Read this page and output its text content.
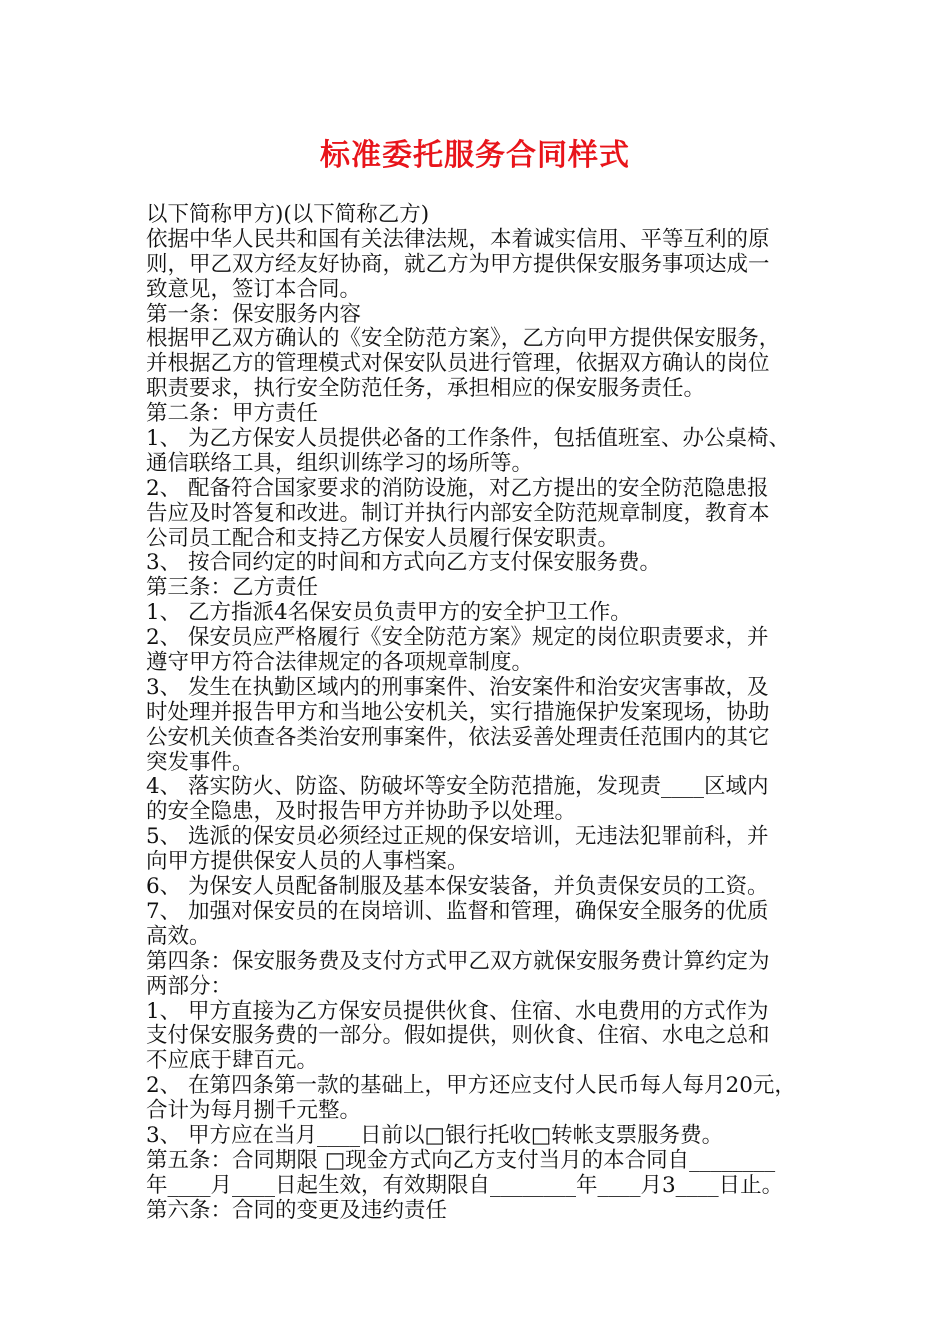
标准委托服务合同样式

以下简称甲方)(以下简称乙方)

依据中华人民共和国有关法律法规，本着诚实信用、平等互利的原

则，甲乙双方经友好协商，就乙方为甲方提供保安服务事项达成一

致意见，签订本合同。

第一条：保安服务内容

根据甲乙双方确认的《安全防范方案》，乙方向甲方提供保安服务，

并根据乙方的管理模式对保安队员进行管理，依据双方确认的岗位

职责要求，执行安全防范任务，承担相应的保安服务责任。

第二条：甲方责任

1、 为乙方保安人员提供必备的工作条件，包括值班室、办公桌椅、

通信联络工具，组织训练学习的场所等。

2、 配备符合国家要求的消防设施，对乙方提出的安全防范隐患报

告应及时答复和改进。制订并执行内部安全防范规章制度，教育本

公司员工配合和支持乙方保安人员履行保安职责。

3、 按合同约定的时间和方式向乙方支付保安服务费。

第三条：乙方责任

1、 乙方指派4名保安员负责甲方的安全护卫工作。

2、 保安员应严格履行《安全防范方案》规定的岗位职责要求，并

遵守甲方符合法律规定的各项规章制度。

3、 发生在执勤区域内的刑事案件、治安案件和治安灾害事故，及

时处理并报告甲方和当地公安机关，实行措施保护发案现场，协助

公安机关侦查各类治安刑事案件，依法妥善处理责任范围内的其它

突发事件。

4、 落实防火、防盗、防破坏等安全防范措施，发现责____区域内

的安全隐患，及时报告甲方并协助予以处理。

5、 选派的保安员必须经过正规的保安培训，无违法犯罪前科，并

向甲方提供保安人员的人事档案。

6、 为保安人员配备制服及基本保安装备，并负责保安员的工资。

7、 加强对保安员的在岗培训、监督和管理，确保安全服务的优质

高效。

第四条：保安服务费及支付方式甲乙双方就保安服务费计算约定为

两部分：

1、 甲方直接为乙方保安员提供伙食、住宿、水电费用的方式作为

支付保安服务费的一部分。假如提供，则伙食、住宿、水电之总和

不应底于肆百元。

2、 在第四条第一款的基础上，甲方还应支付人民币每人每月20元，

合计为每月捌千元整。

3、 甲方应在当月____日前以□银行托收□转帐支票服务费。

第五条：合同期限 □现金方式向乙方支付当月的本合同自________

年____月____日起生效，有效期限自________年____月3____日止。

第六条：合同的变更及违约责任
